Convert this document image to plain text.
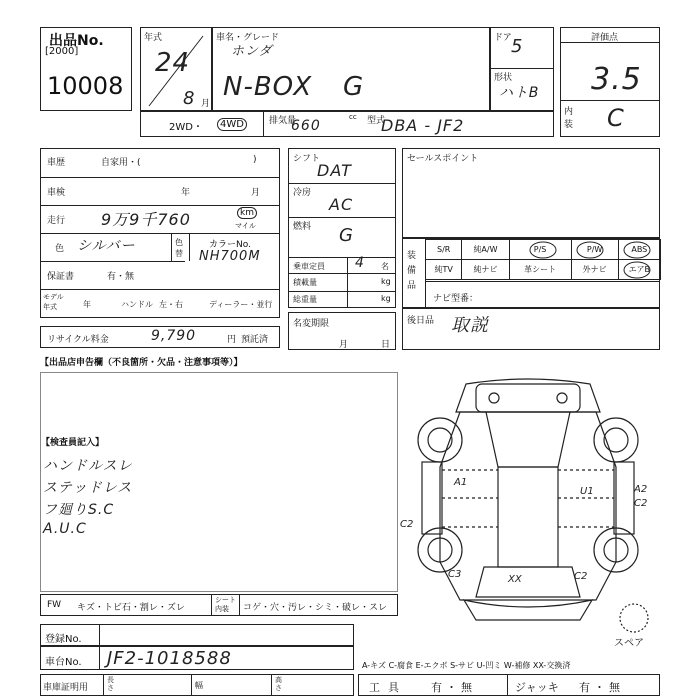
出品No.
[2000]
10008
年式
24
8 月
車名・グレード
ホンダ
N-BOX G
ドア 5
形状
ハトB
評価点
3.5
内装 C
2WD・	4WD	排気量
660
cc 型式
DBA - JF2
車歴	自家用・(	)
車検	年	月
走行 9万9千760	km
マイル
色 シルバー	色替
カラーNo.
NH700M
保証書	有・無
モデル年式	年	ハンドル 左・右	ディーラー・並行
リサイクル料金	9,790	円 預託済
シフト
DAT
冷房
AC
燃料 G
乗車定員 4 名
積載量	kg
総重量	kg
名変期限
月	日
セールスポイント
装備品
S/R	純A/W	P/S	P/W	ABS
純TV	純ナビ	革シート	外ナビ	エアB
ナビ型番：
後日品 取説
【出品店申告欄（不良箇所・欠品・注意事項等）】
【検査員記入】
ハンドルスレ
ステッドレス
フ廻りS.C
A.U.C
A1
U1	A2
C2
C2
C3	XX	C2
スペア
FW キズ・トビ石・割レ・ズレ
シート内装	コゲ・穴・汚レ・シミ・破レ・スレ
登録No.
車台No. JF2-1018588	A-キズ C-腐食 E-エクボ S-サビ U-凹ミ W-補修 XX-交換済
車庫証明用
長さ	幅
高さ	工具 有・無	ジャッキ 有・無
